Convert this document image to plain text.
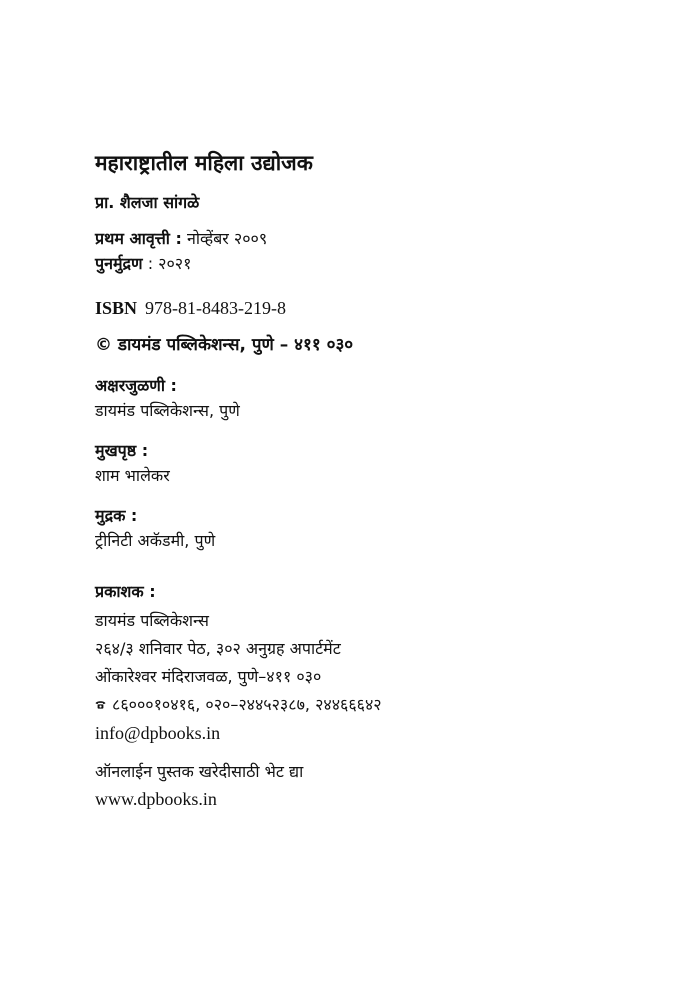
महाराष्ट्रातील महिला उद्योजक
प्रा. शैलजा सांगळे
प्रथम आवृत्ती : नोव्हेंबर २००९
पुनर्मुद्रण : २०२१
ISBN 978-81-8483-219-8
© डायमंड पब्लिकेशन्स, पुणे – ४११ ०३०
अक्षरजुळणी :
डायमंड पब्लिकेशन्स, पुणे
मुखपृष्ठ :
शाम भालेकर
मुद्रक :
ट्रीनिटी अकॅडमी, पुणे
प्रकाशक :
डायमंड पब्लिकेशन्स
२६४/३ शनिवार पेठ, ३०२ अनुग्रह अपार्टमेंट
ओंकारेश्वर मंदिराजवळ, पुणे–४११ ०३०
८६०००१०४१६, ०२०–२४४५२३८७, २४४६६६४२
info@dpbooks.in
ऑनलाईन पुस्तक खरेदीसाठी भेट द्या
www.dpbooks.in
